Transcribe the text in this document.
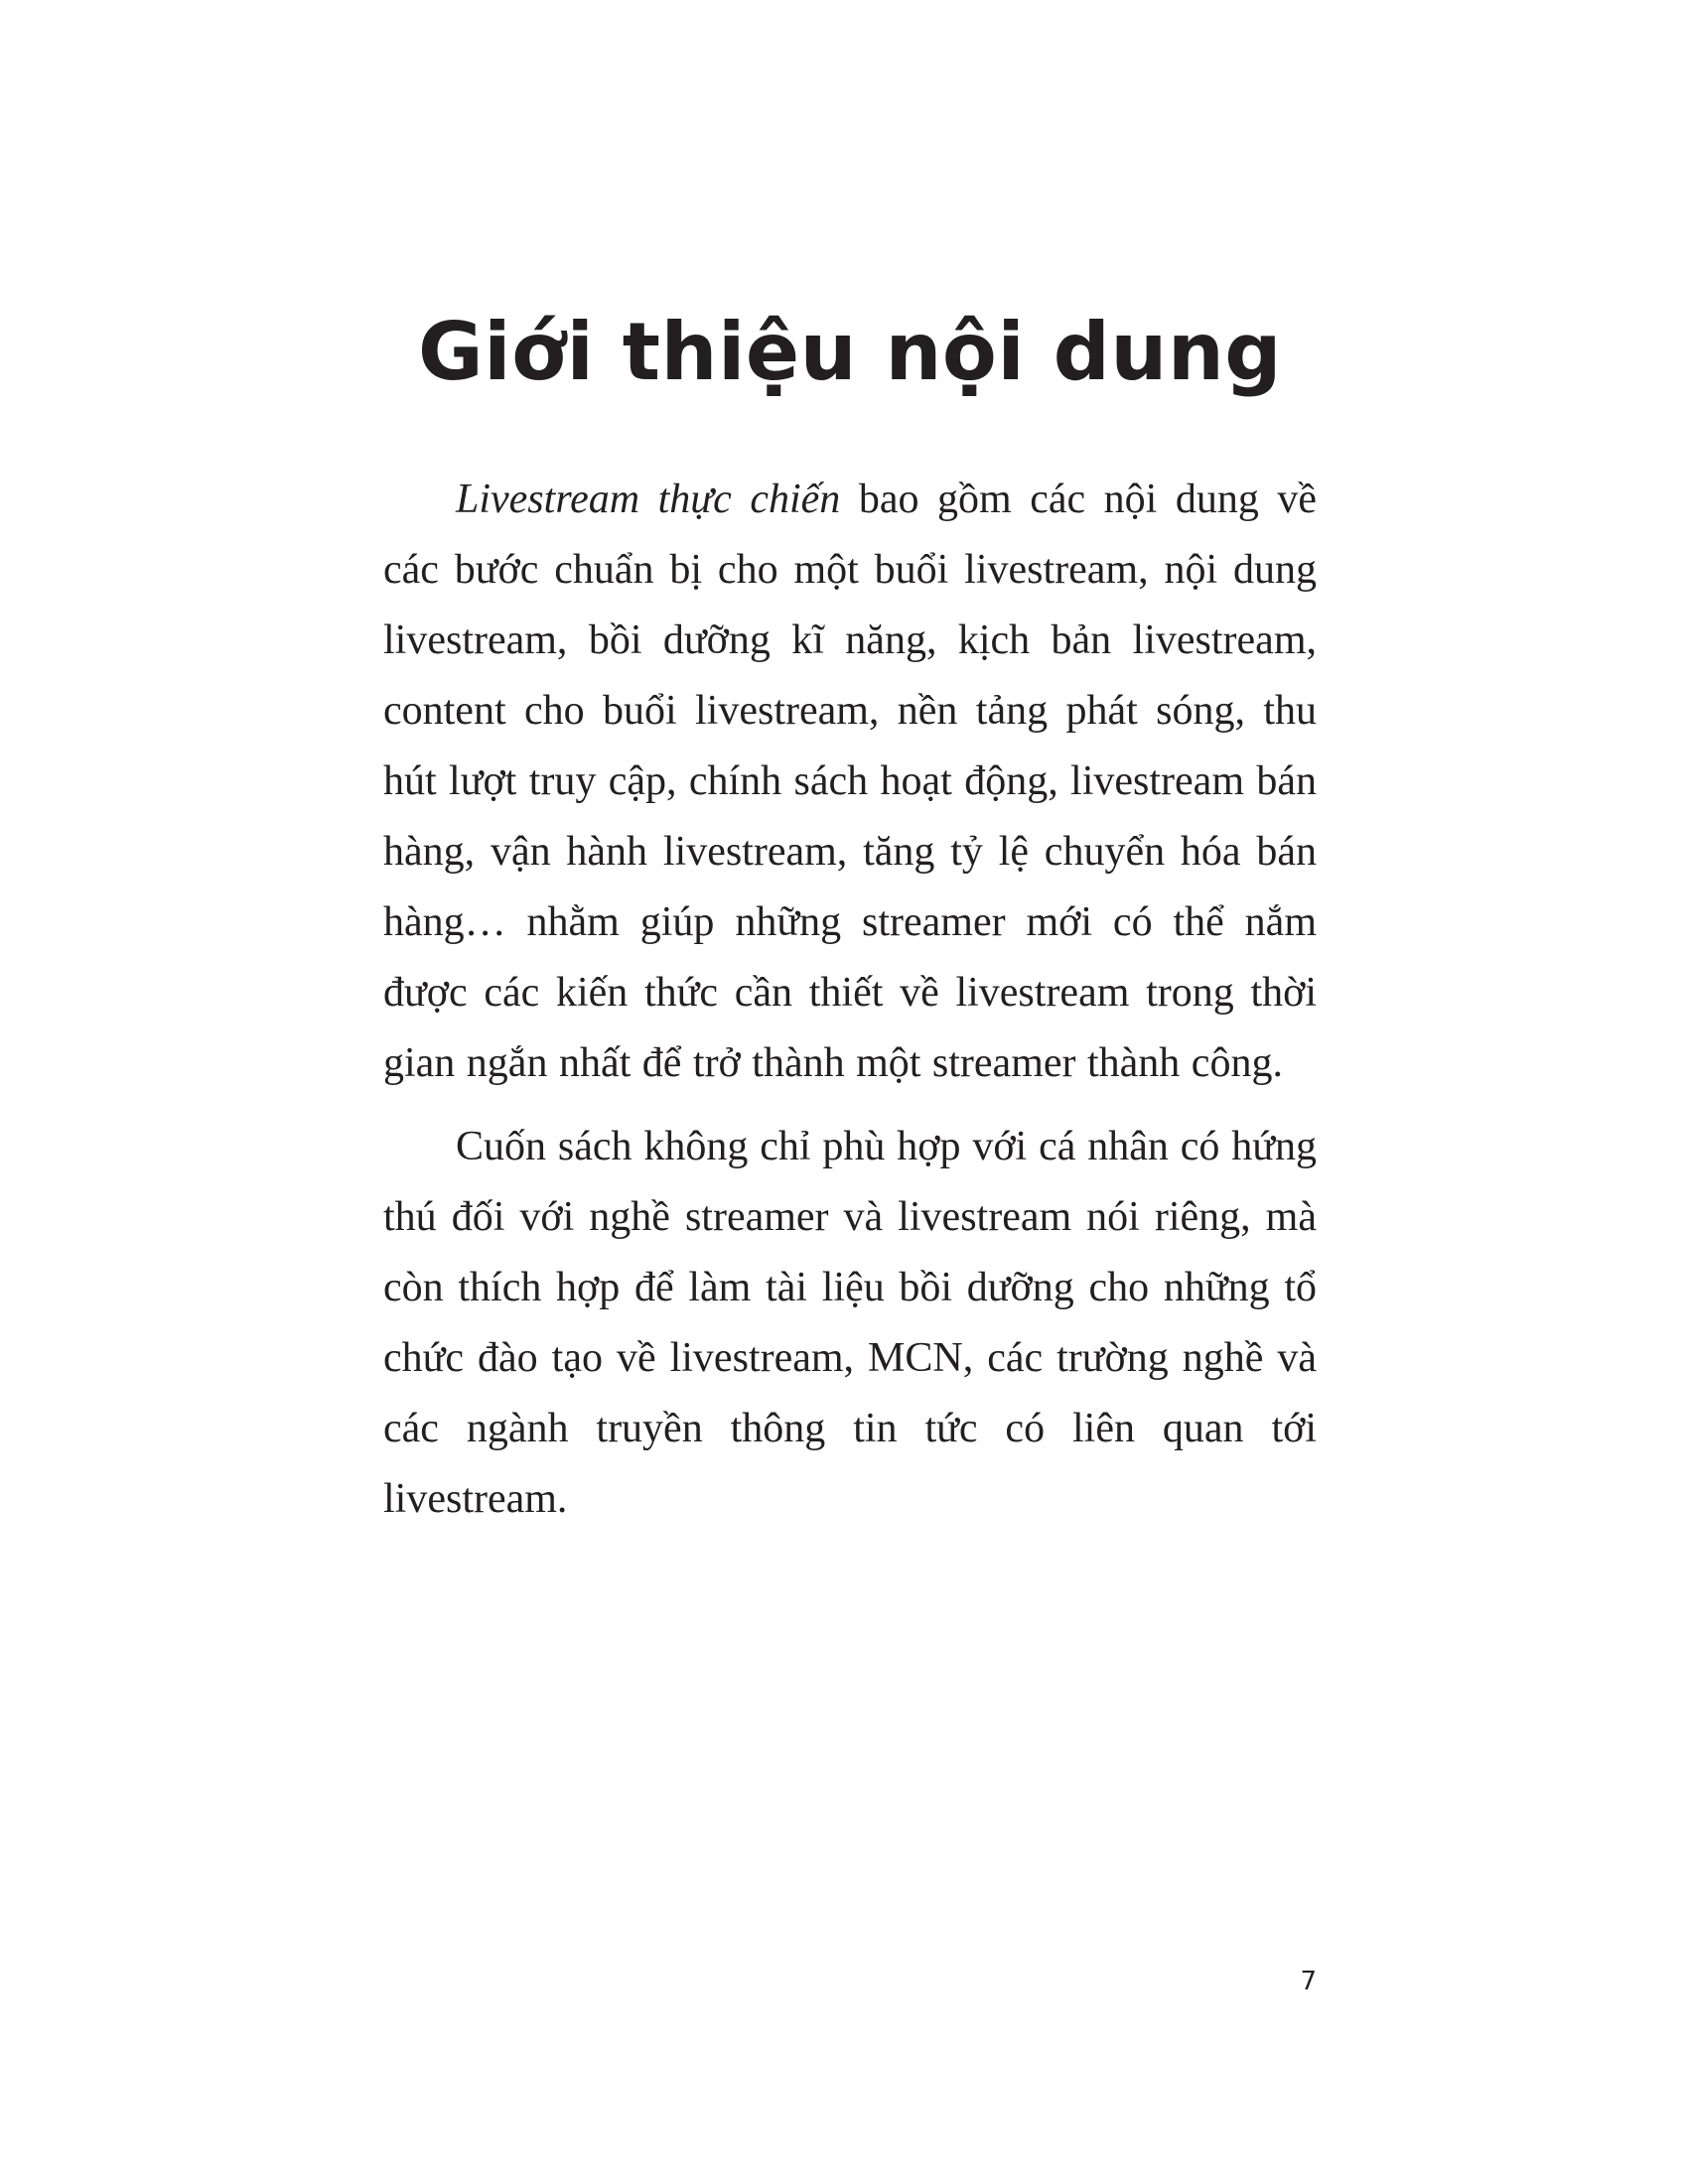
Giới thiệu nội dung

Livestream thực chiến bao gồm các nội dung về các bước chuẩn bị cho một buổi livestream, nội dung livestream, bồi dưỡng kĩ năng, kịch bản livestream, content cho buổi livestream, nền tảng phát sóng, thu hút lượt truy cập, chính sách hoạt động, livestream bán hàng, vận hành livestream, tăng tỷ lệ chuyển hóa bán hàng… nhằm giúp những streamer mới có thể nắm được các kiến thức cần thiết về livestream trong thời gian ngắn nhất để trở thành một streamer thành công.

Cuốn sách không chỉ phù hợp với cá nhân có hứng thú đối với nghề streamer và livestream nói riêng, mà còn thích hợp để làm tài liệu bồi dưỡng cho những tổ chức đào tạo về livestream, MCN, các trường nghề và các ngành truyền thông tin tức có liên quan tới livestream.

7
